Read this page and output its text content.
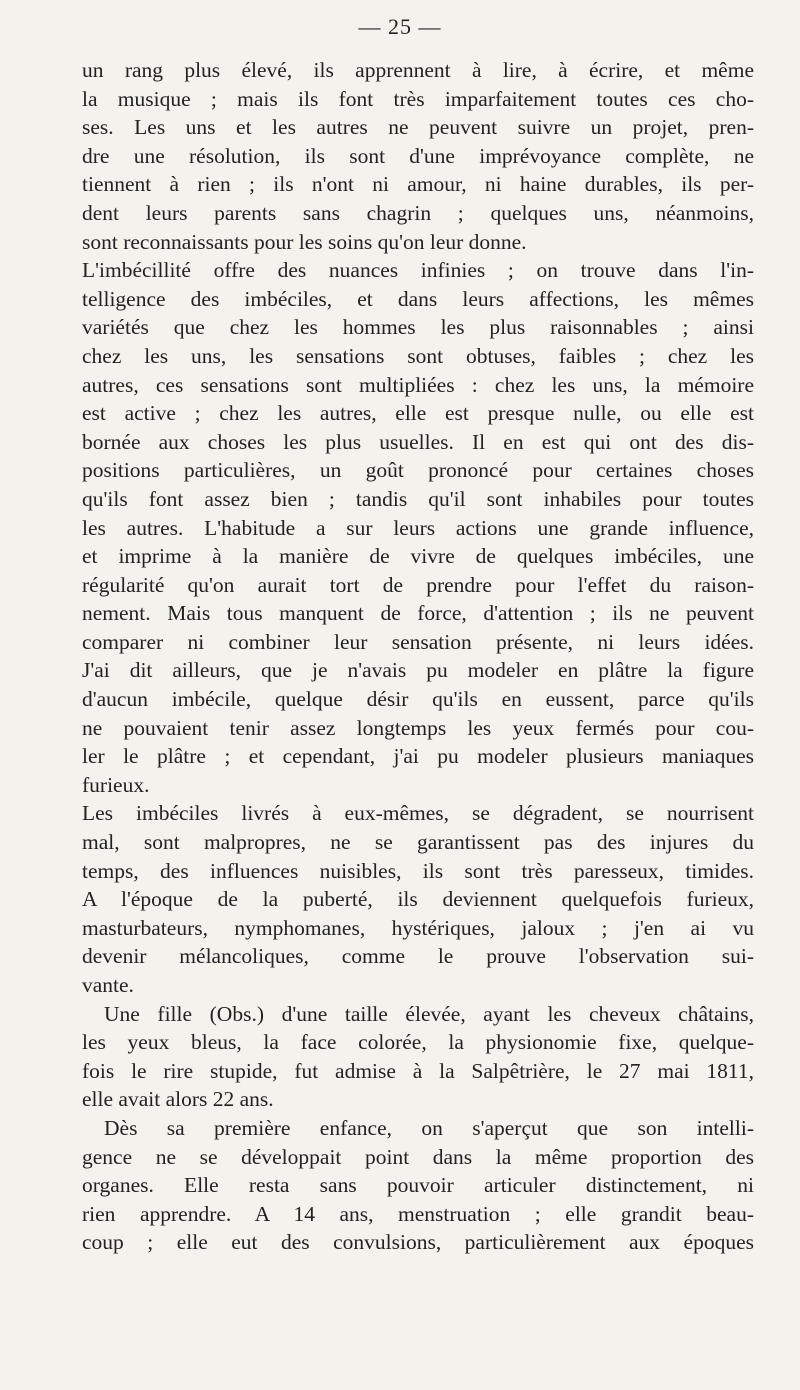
— 25 —
un rang plus élevé, ils apprennent à lire, à écrire, et même
la musique ; mais ils font très imparfaitement toutes ces cho-
ses. Les uns et les autres ne peuvent suivre un projet, pren-
dre une résolution, ils sont d'une imprévoyance complète, ne
tiennent à rien ; ils n'ont ni amour, ni haine durables, ils per-
dent leurs parents sans chagrin ; quelques uns, néanmoins,
sont reconnaissants pour les soins qu'on leur donne.
L'imbécillité offre des nuances infinies ; on trouve dans l'in-
telligence des imbéciles, et dans leurs affections, les mêmes
variétés que chez les hommes les plus raisonnables ; ainsi
chez les uns, les sensations sont obtuses, faibles ; chez les
autres, ces sensations sont multipliées : chez les uns, la mémoire
est active ; chez les autres, elle est presque nulle, ou elle est
bornée aux choses les plus usuelles. Il en est qui ont des dis-
positions particulières, un goût prononcé pour certaines choses
qu'ils font assez bien ; tandis qu'il sont inhabiles pour toutes
les autres. L'habitude a sur leurs actions une grande influence,
et imprime à la manière de vivre de quelques imbéciles, une
régularité qu'on aurait tort de prendre pour l'effet du raison-
nement. Mais tous manquent de force, d'attention ; ils ne peuvent
comparer ni combiner leur sensation présente, ni leurs idées.
J'ai dit ailleurs, que je n'avais pu modeler en plâtre la figure
d'aucun imbécile, quelque désir qu'ils en eussent, parce qu'ils
ne pouvaient tenir assez longtemps les yeux fermés pour cou-
ler le plâtre ; et cependant, j'ai pu modeler plusieurs maniaques
furieux.
Les imbéciles livrés à eux-mêmes, se dégradent, se nourrisent
mal, sont malpropres, ne se garantissent pas des injures du
temps, des influences nuisibles, ils sont très paresseux, timides.
A l'époque de la puberté, ils deviennent quelquefois furieux,
masturbateurs, nymphomanes, hystériques, jaloux ; j'en ai vu
devenir mélancoliques, comme le prouve l'observation sui-
vante.
Une fille (Obs.) d'une taille élevée, ayant les cheveux châtains,
les yeux bleus, la face colorée, la physionomie fixe, quelque-
fois le rire stupide, fut admise à la Salpêtrière, le 27 mai 1811,
elle avait alors 22 ans.
Dès sa première enfance, on s'aperçut que son intelli-
gence ne se développait point dans la même proportion des
organes. Elle resta sans pouvoir articuler distinctement, ni
rien apprendre. A 14 ans, menstruation ; elle grandit beau-
coup ; elle eut des convulsions, particulièrement aux époques
